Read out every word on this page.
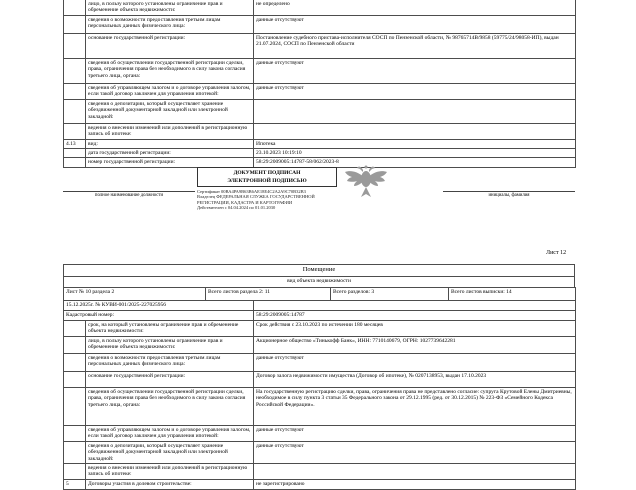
	лицо, в пользу которого установлены ограничение прав и обременение объекта недвижимости:	не определено
	сведения о возможности предоставления третьим лицам персональных данных физического лица:	данные отсутствуют
	основание государственной регистрации:	Постановление судебного пристава-исполнителя СОСП по Пензенской области, № 98765714В/9858 (59775/24/98058-ИП), выдан 21.07.2024, СОСП по Пензенской области
	сведения об осуществлении государственной регистрации сделки, права, ограничения права без необходимого в силу закона согласия третьего лица, органа:	данные отсутствуют
	сведения об управляющем залогом и о договоре управления залогом, если такой договор заключен для управления ипотекой:	данные отсутствуют
	сведения о депозитарии, который осуществляет хранение обездвиженной документарной закладной или электронной закладной:	
	ведения о внесении изменений или дополнений в регистрационную запись об ипотеке:	
4.13	вид:	Ипотека
	дата государственной регистрации:	23.10.2023 10:19:10
	номер государственной регистрации:	58:29:2009005:14787-58/062/2023-8
ДОКУМЕНТ ПОДПИСАН
ЭЛЕКТРОННОЙ ПОДПИСЬЮ
Сертификат 00ВА4РА9В63В6АЕ18Е4С2А2А9С70В32В3
Владелец ФЕДЕРАЛЬНАЯ СЛУЖБА ГОСУДАРСТВЕННОЙ РЕГИСТРАЦИИ, КАДАСТРА И КАРТОГРАФИИ
Действителен с 04.04.2024 по 01.01.2030
полное наименование должности	инициалы, фамилия
Лист 12
Помещение
вид объекта недвижимости
Лист № 10 раздела 2	Всего листов раздела 2: 11	Всего разделов: 3	Всего листов выписки: 14
15.12.2025г. № КУВИ-001/2025-227025956	
Кадастровый номер:	58:29:2009005:14787
	срок, на который установлены ограничение прав и обременение объекта недвижимости:	Срок действия с 23.10.2023 по истечении 180 месяцев
	лицо, в пользу которого установлены ограничение прав и обременение объекта недвижимости:	Акционерное общество «Тинькофф Банк», ИНН: 7710140679, ОГРН: 1027739642281
	сведения о возможности предоставления третьим лицам персональных данных физического лица:	данные отсутствуют
	основание государственной регистрации:	Договор залога недвижимости имущества (Договор об ипотеке), № 0207138953, выдан 17.10.2023
	сведения об осуществлении государственной регистрации сделки, права, ограничения права без необходимого в силу закона согласия третьего лица, органа:	На государственную регистрацию сделки, права, ограничения права не представлено согласие: супруга Крутовой Елены Дмитриевны, необходимое в силу пункта 3 статьи 35 Федерального закона от 29.12.1995 (ред. от 30.12.2015) № 223-ФЗ «Семейного Кодекса Российской Федерации».
	сведения об управляющем залогом и о договоре управления залогом, если такой договор заключен для управления ипотекой:	данные отсутствуют
	сведения о депозитарии, который осуществляет хранение обездвиженной документарной закладной или электронной закладной:	данные отсутствуют
	ведения о внесении изменений или дополнений в регистрационную запись об ипотеке:	
5	Договоры участия в долевом строительстве:	не зарегистрировано
